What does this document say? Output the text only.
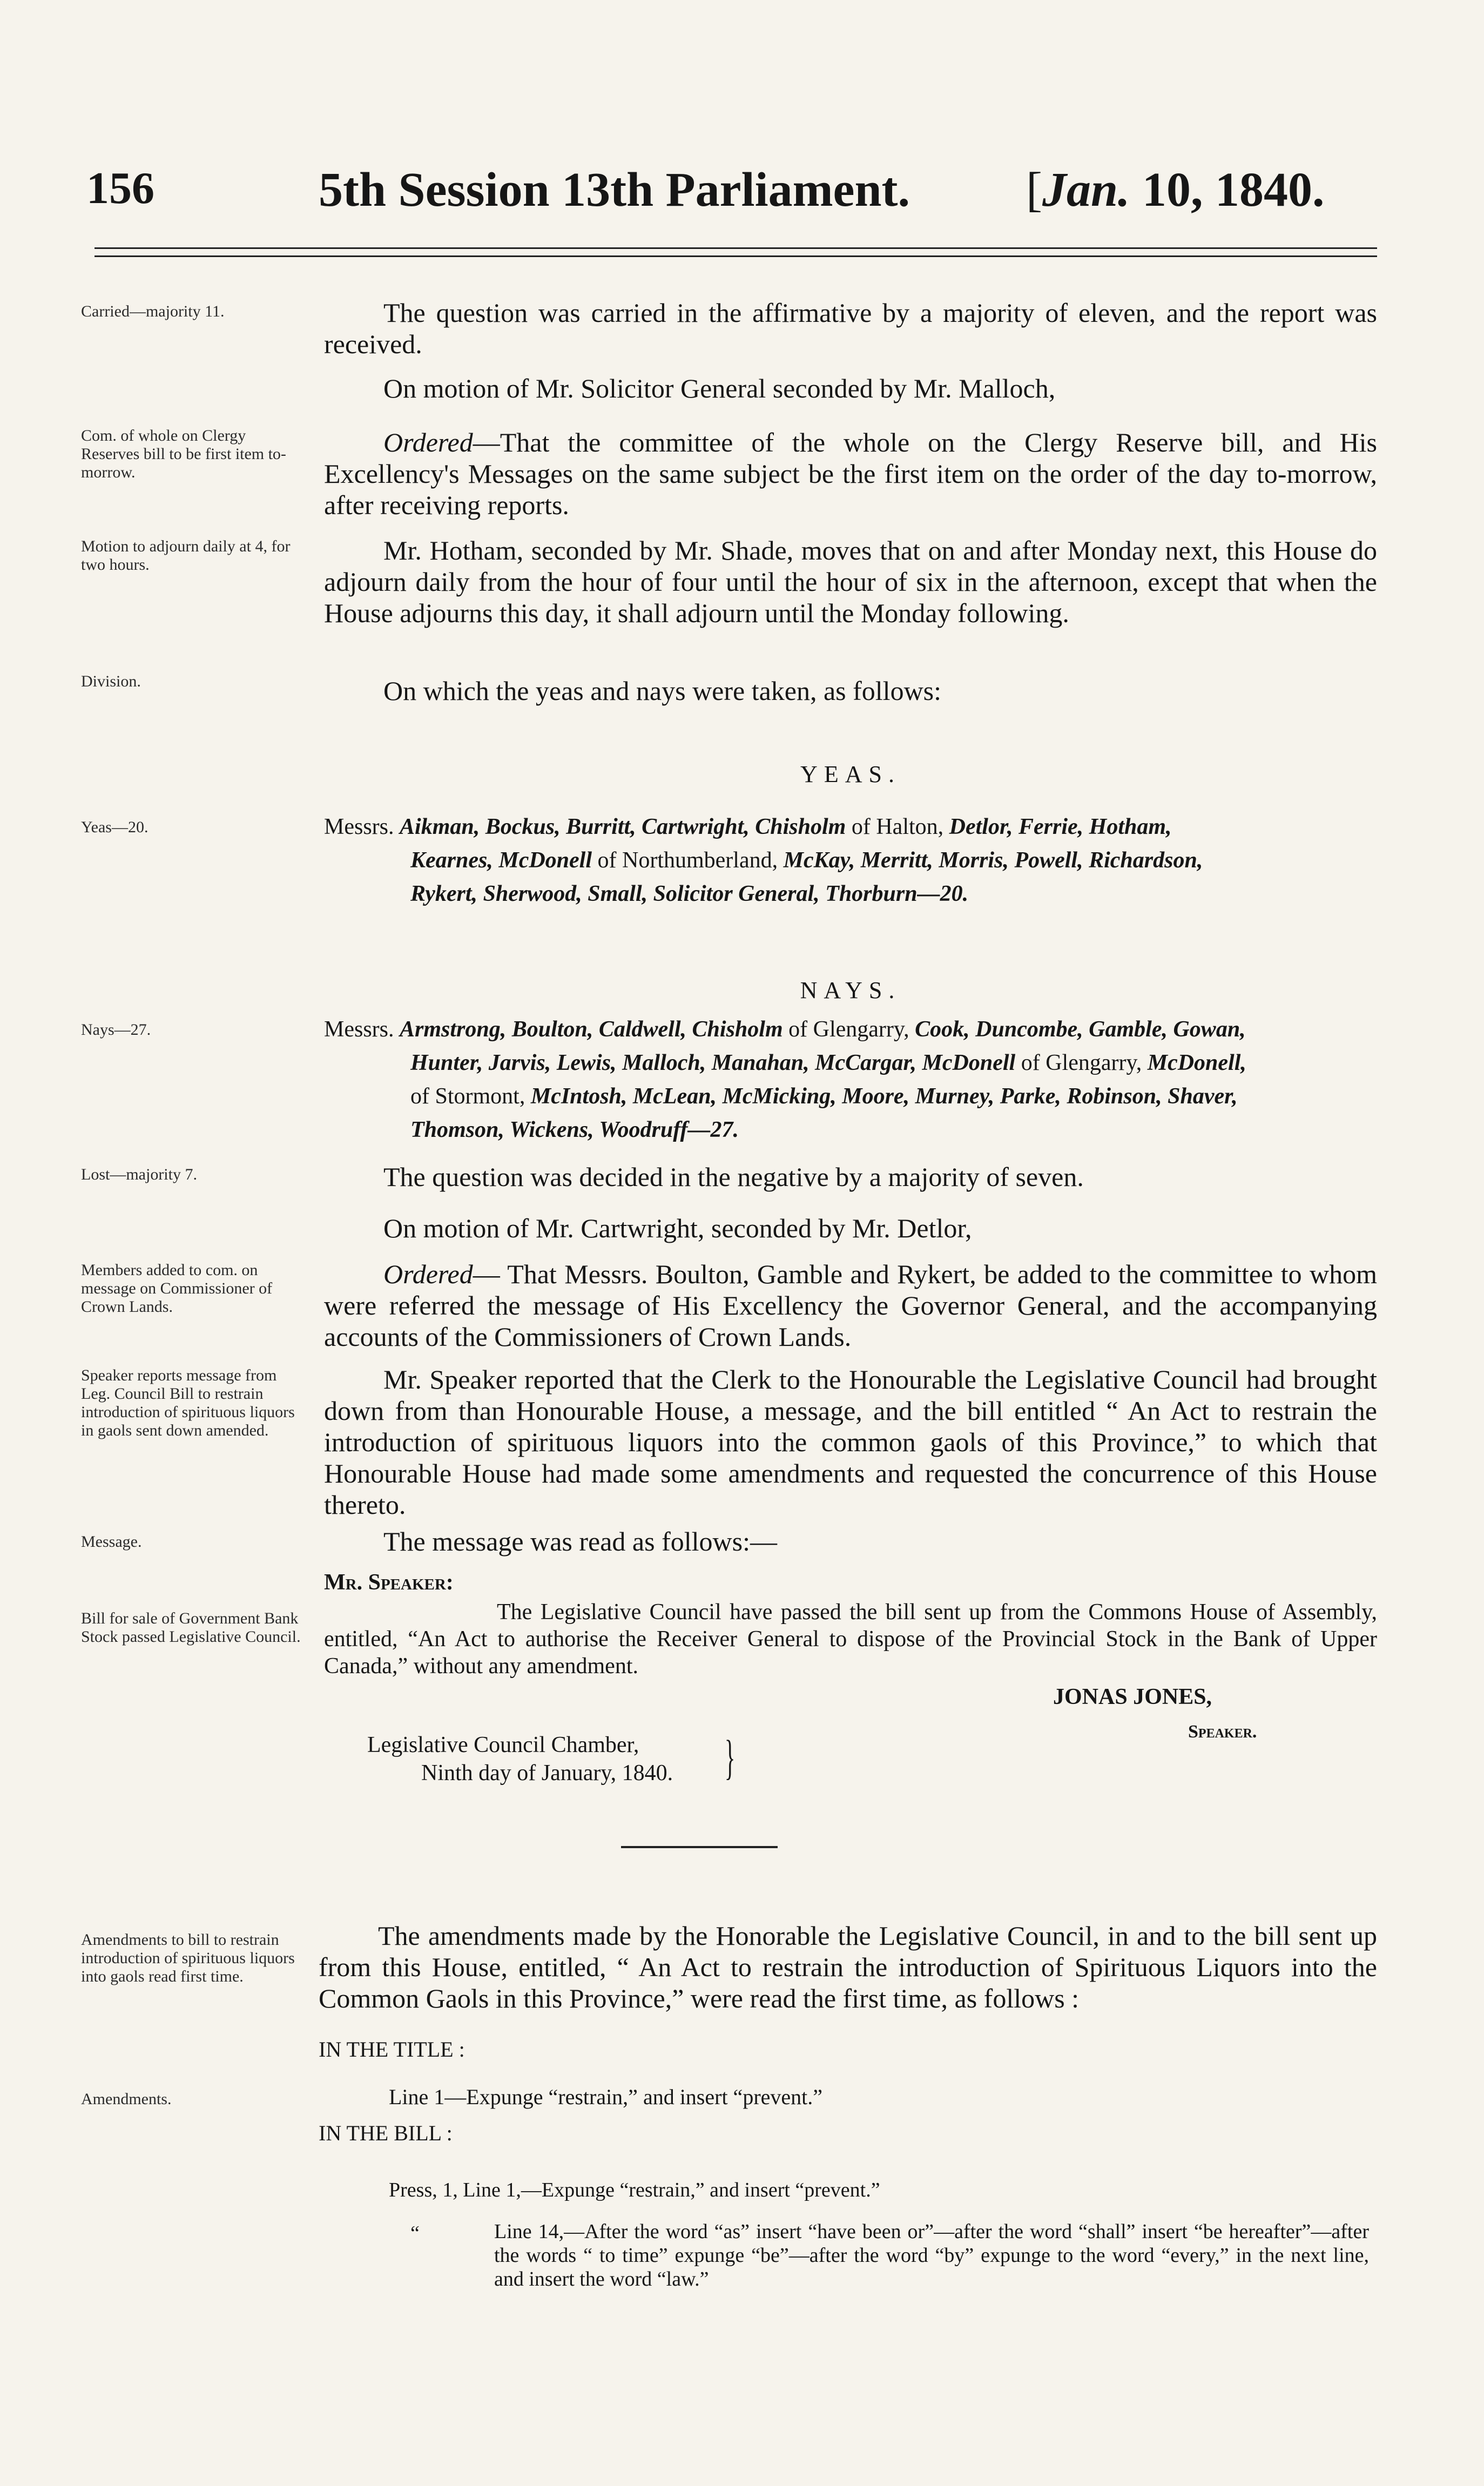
156	5th Session 13th Parliament. [Jan. 10, 1840.
Carried—majority 11.	The question was carried in the affirmative by a majority of eleven, and the report was received.
On motion of Mr. Solicitor General seconded by Mr. Malloch,
Com. of whole on Clergy Reserves bill to be first item to-morrow.
Ordered—That the committee of the whole on the Clergy Reserve bill, and His Excellency's Messages on the same subject be the first item on the order of the day to-morrow, after receiving reports.
Motion to adjourn daily at 4, for two hours.	Mr. Hotham, seconded by Mr. Shade, moves that on and after Monday next, this House do adjourn daily from the hour of four until the hour of six in the afternoon, except that when the House adjourns this day, it shall adjourn until the Monday following.
Division.	On which the yeas and nays were taken, as follows:
YEAS.
Yeas—20.	Messrs. Aikman, Bockus, Burritt, Cartwright, Chisholm of Halton, Detlor, Ferrie, Hotham,
Kearnes, McDonell of Northumberland, McKay, Merritt, Morris, Powell, Richardson,
Rykert, Sherwood, Small, Solicitor General, Thorburn—20.
NAYS.
Nays—27.	Messrs. Armstrong, Boulton, Caldwell, Chisholm of Glengarry, Cook, Duncombe, Gamble, Gowan,
Hunter, Jarvis, Lewis, Malloch, Manahan, McCargar, McDonell of Glengarry, McDonell,
of Stormont, McIntosh, McLean, McMicking, Moore, Murney, Parke, Robinson, Shaver,
Thomson, Wickens, Woodruff—27.
Lost—majority 7.	The question was decided in the negative by a majority of seven.
On motion of Mr. Cartwright, seconded by Mr. Detlor,
Members added to com. on message on Commissioner of Crown Lands.
Ordered— That Messrs. Boulton, Gamble and Rykert, be added to the committee to whom were referred the message of His Excellency the Governor General, and the accompanying accounts of the Commissioners of Crown Lands.
Speaker reports message from Leg. Council Bill to restrain introduction of spirituous liquors in gaols sent down amended.
Mr. Speaker reported that the Clerk to the Honourable the Legislative Council had brought down from than Honourable House, a message, and the bill entitled “ An Act to restrain the introduction of spirituous liquors into the common gaols of this Province,” to which that Honourable House had made some amendments and requested the concurrence of this House thereto.
Message.	The message was read as follows:—
Mr. Speaker:
Bill for sale of Government Bank Stock passed Legislative Council.
The Legislative Council have passed the bill sent up from the Commons House of Assembly, entitled, “An Act to authorise the Receiver General to dispose of the Provincial Stock in the Bank of Upper Canada,” without any amendment.
JONAS JONES,
Speaker.
Legislative Council Chamber,
Ninth day of January, 1840. }
Amendments to bill to restrain introduction of spirituous liquors into gaols read first time.
The amendments made by the Honorable the Legislative Council, in and to the bill sent up from this House, entitled, “ An Act to restrain the introduction of Spirituous Liquors into the Common Gaols in this Province,” were read the first time, as follows :
IN THE TITLE :
Amendments.	Line 1—Expunge “restrain,” and insert “prevent.”
IN THE BILL :
Press, 1, Line 1,—Expunge “restrain,” and insert “prevent.”
“	Line 14,—After the word “as” insert “have been or”—after the word “shall” insert “be hereafter”—after the words “ to time” expunge “be”—after the word “by” expunge to the word “every,” in the next line, and insert the word “law.”
